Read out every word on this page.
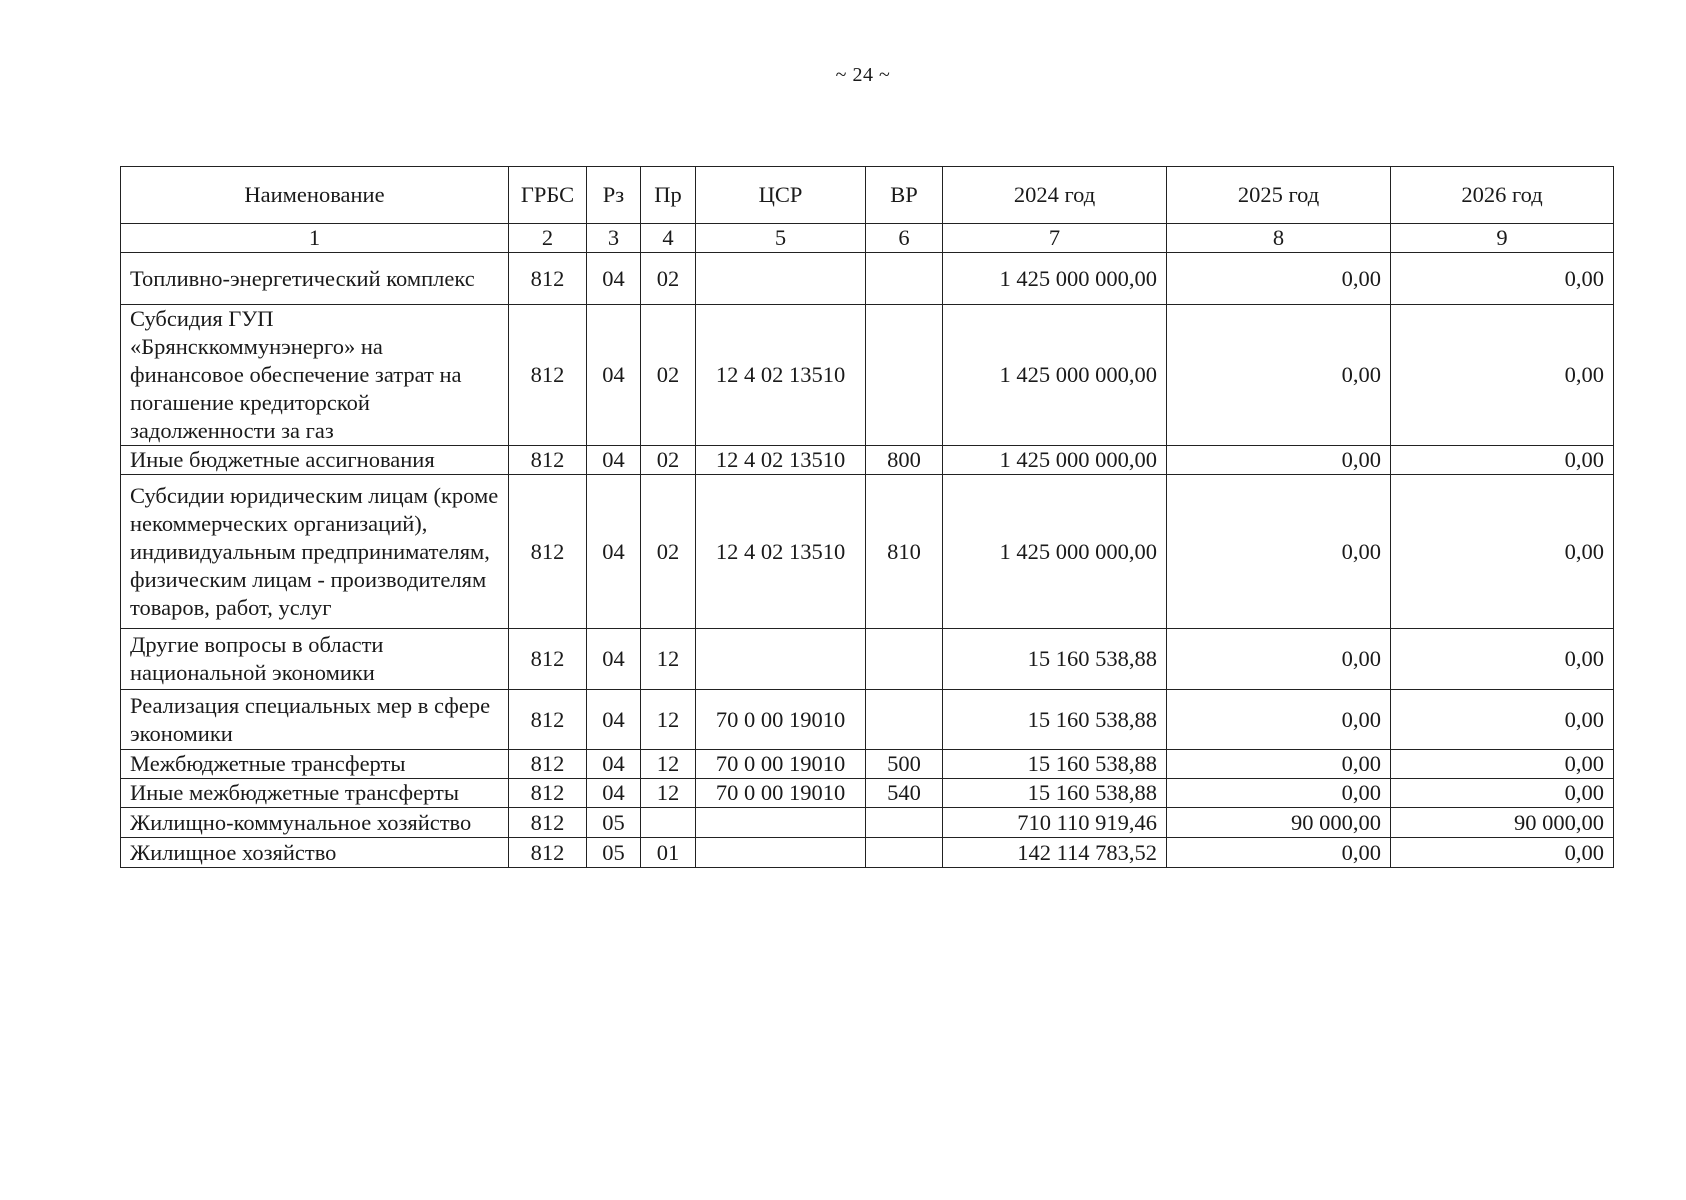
~ 24 ~
Наименование	ГРБС	Рз	Пр	ЦСР	ВР	2024 год	2025 год	2026 год
1	2	3	4	5	6	7	8	9
Топливно-энергетический комплекс	812	04	02			1 425 000 000,00	0,00	0,00
Субсидия ГУП «Брянсккоммунэнерго» на финансовое обеспечение затрат на погашение кредиторской задолженности за газ	812	04	02	12 4 02 13510		1 425 000 000,00	0,00	0,00
Иные бюджетные ассигнования	812	04	02	12 4 02 13510	800	1 425 000 000,00	0,00	0,00
Субсидии юридическим лицам (кроме некоммерческих организаций), индивидуальным предпринимателям, физическим лицам - производителям товаров, работ, услуг	812	04	02	12 4 02 13510	810	1 425 000 000,00	0,00	0,00
Другие вопросы в области национальной экономики	812	04	12			15 160 538,88	0,00	0,00
Реализация специальных мер в сфере экономики	812	04	12	70 0 00 19010		15 160 538,88	0,00	0,00
Межбюджетные трансферты	812	04	12	70 0 00 19010	500	15 160 538,88	0,00	0,00
Иные межбюджетные трансферты	812	04	12	70 0 00 19010	540	15 160 538,88	0,00	0,00
Жилищно-коммунальное хозяйство	812	05				710 110 919,46	90 000,00	90 000,00
Жилищное хозяйство	812	05	01			142 114 783,52	0,00	0,00
